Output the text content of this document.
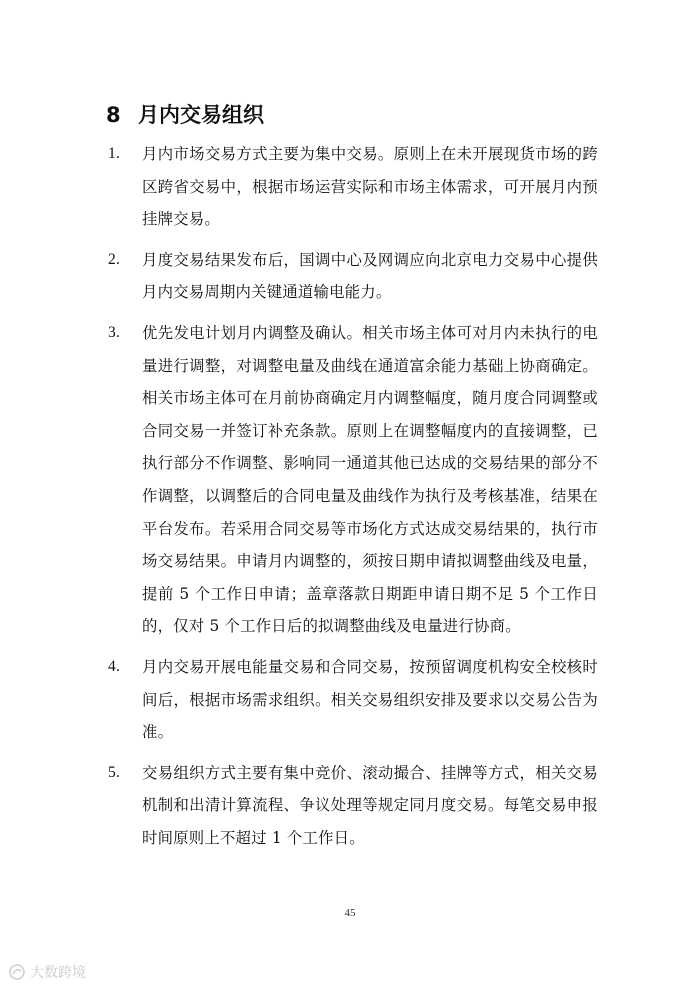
8 月内交易组织
1. 月内市场交易方式主要为集中交易。原则上在未开展现货市场的跨区跨省交易中，根据市场运营实际和市场主体需求，可开展月内预挂牌交易。
2. 月度交易结果发布后，国调中心及网调应向北京电力交易中心提供月内交易周期内关键通道输电能力。
3. 优先发电计划月内调整及确认。相关市场主体可对月内未执行的电量进行调整，对调整电量及曲线在通道富余能力基础上协商确定。相关市场主体可在月前协商确定月内调整幅度，随月度合同调整或合同交易一并签订补充条款。原则上在调整幅度内的直接调整，已执行部分不作调整、影响同一通道其他已达成的交易结果的部分不作调整，以调整后的合同电量及曲线作为执行及考核基准，结果在平台发布。若采用合同交易等市场化方式达成交易结果的，执行市场交易结果。申请月内调整的，须按日期申请拟调整曲线及电量，提前 5 个工作日申请；盖章落款日期距申请日期不足 5 个工作日的，仅对 5 个工作日后的拟调整曲线及电量进行协商。
4. 月内交易开展电能量交易和合同交易，按预留调度机构安全校核时间后，根据市场需求组织。相关交易组织安排及要求以交易公告为准。
5. 交易组织方式主要有集中竞价、滚动撮合、挂牌等方式，相关交易机制和出清计算流程、争议处理等规定同月度交易。每笔交易申报时间原则上不超过 1 个工作日。
45
大数跨境
